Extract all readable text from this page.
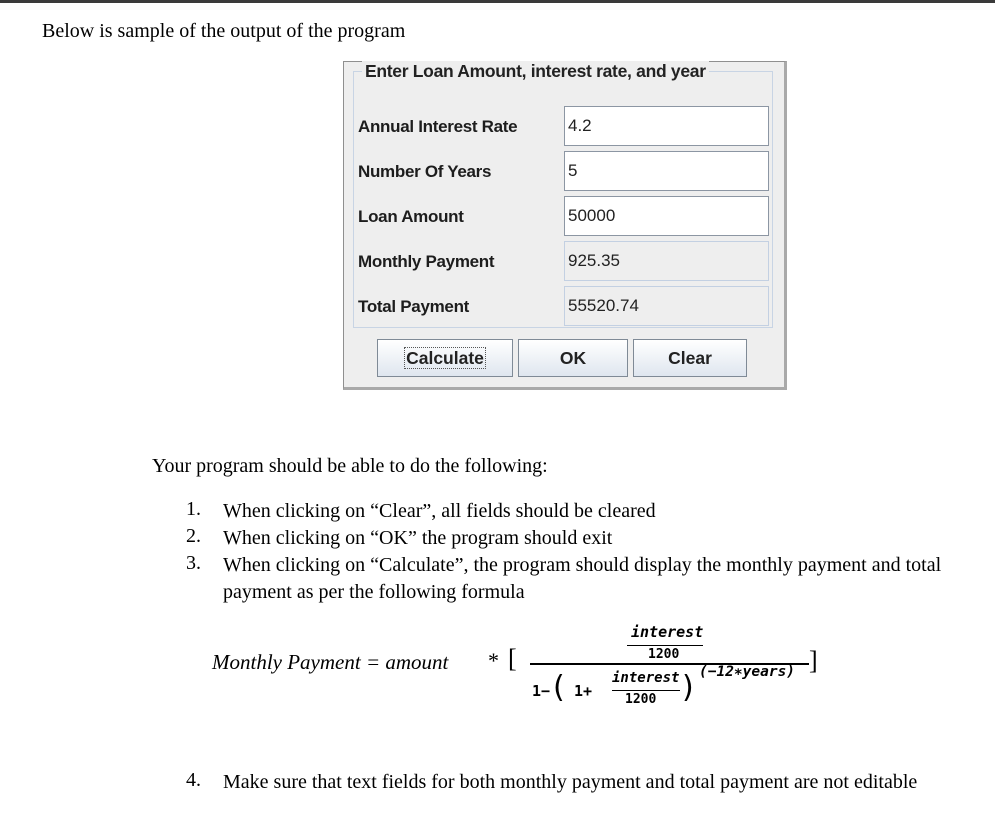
Below is sample of the output of the program
Enter Loan Amount, interest rate, and year
Annual Interest Rate	4.2
Number Of Years	5
Loan Amount	50000
Monthly Payment	925.35
Total Payment	55520.74
Calculate	OK	Clear
Your program should be able to do the following:
1. When clicking on “Clear”, all fields should be cleared
2. When clicking on “OK” the program should exit
3. When clicking on “Calculate”, the program should display the monthly payment and total payment as per the following formula
Monthly Payment = amount * [
interest
1200
1− ( 1+
interest
1200 ) (−12∗years) ]
4. Make sure that text fields for both monthly payment and total payment are not editable
